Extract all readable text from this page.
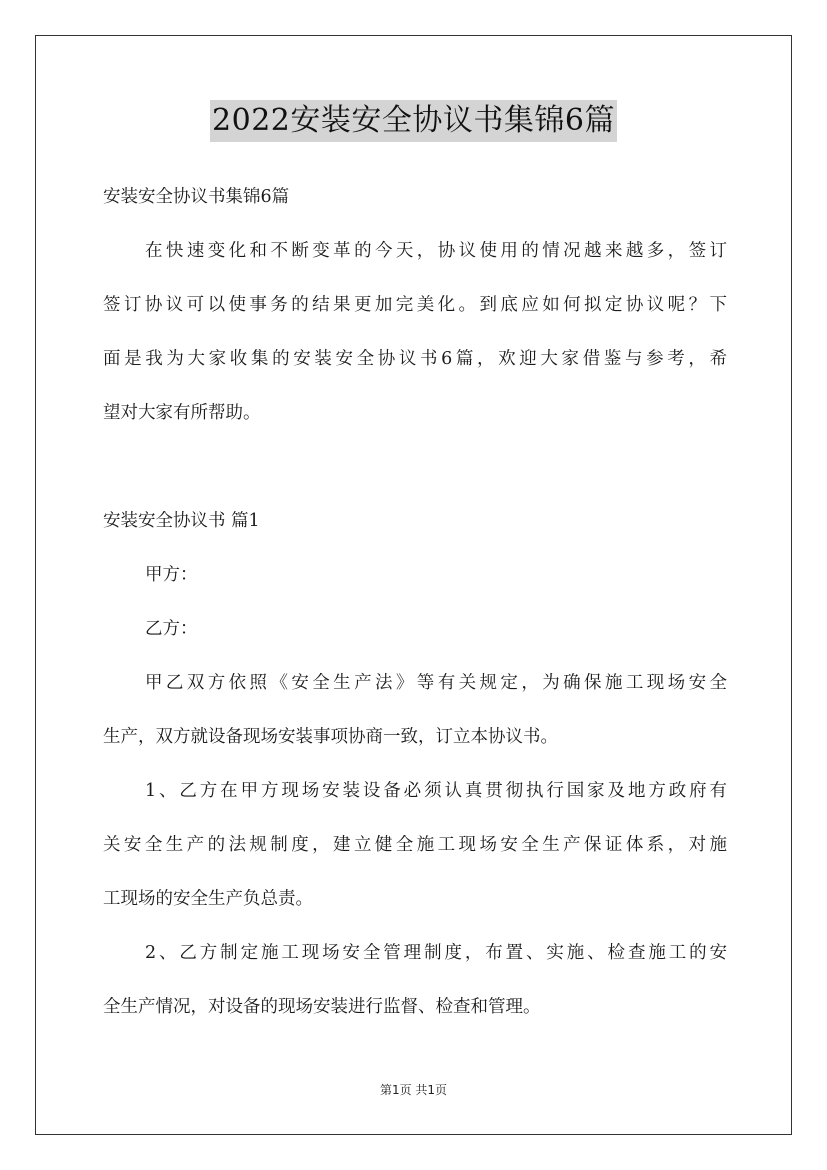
2022安装安全协议书集锦6篇
安装安全协议书集锦6篇
在快速变化和不断变革的今天，协议使用的情况越来越多，签订
签订协议可以使事务的结果更加完美化。到底应如何拟定协议呢？下
面是我为大家收集的安装安全协议书6篇，欢迎大家借鉴与参考，希
望对大家有所帮助。
安装安全协议书 篇1
甲方：
乙方：
甲乙双方依照《安全生产法》等有关规定，为确保施工现场安全
生产，双方就设备现场安装事项协商一致，订立本协议书。
1、乙方在甲方现场安装设备必须认真贯彻执行国家及地方政府有
关安全生产的法规制度，建立健全施工现场安全生产保证体系，对施
工现场的安全生产负总责。
2、乙方制定施工现场安全管理制度，布置、实施、检查施工的安
全生产情况，对设备的现场安装进行监督、检查和管理。
第1页 共1页
